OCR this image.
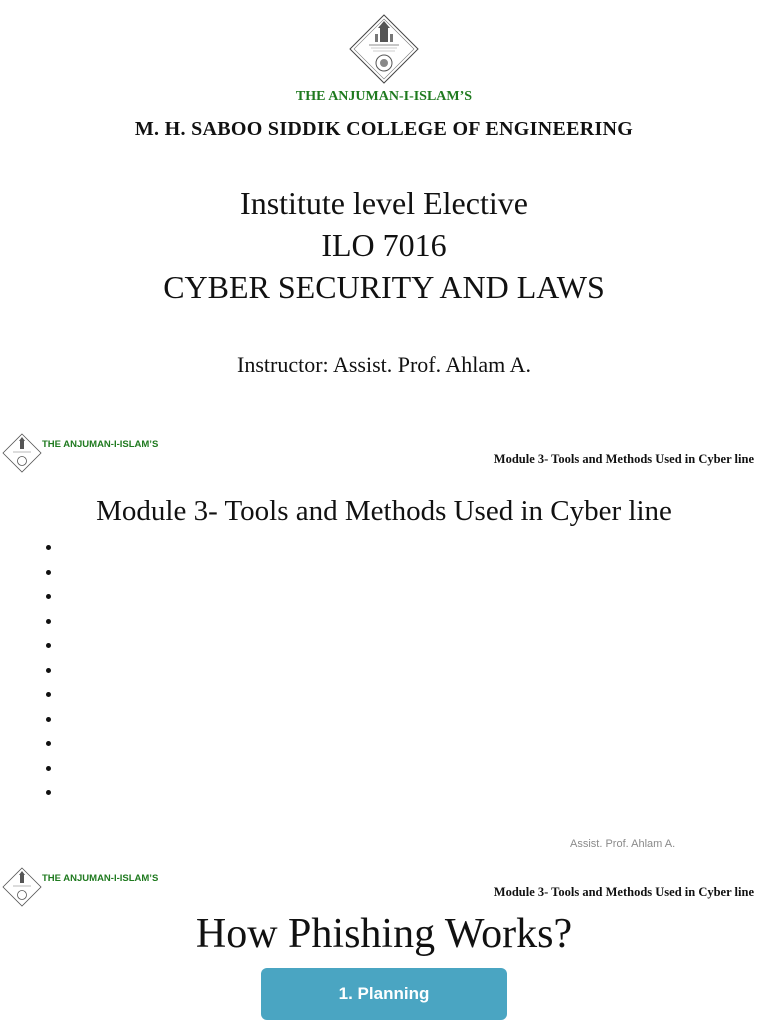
THE ANJUMAN-I-ISLAM’S
M. H. SABOO SIDDIK COLLEGE OF ENGINEERING
Institute level Elective
ILO 7016
CYBER SECURITY AND LAWS
Instructor: Assist. Prof. Ahlam A.
THE ANJUMAN-I-ISLAM’S
Module 3- Tools and Methods Used in Cyber line
Module 3- Tools and Methods Used in Cyber line
Assist. Prof. Ahlam A.
THE ANJUMAN-I-ISLAM’S
Module 3- Tools and Methods Used in Cyber line
How Phishing Works?
1. Planning
